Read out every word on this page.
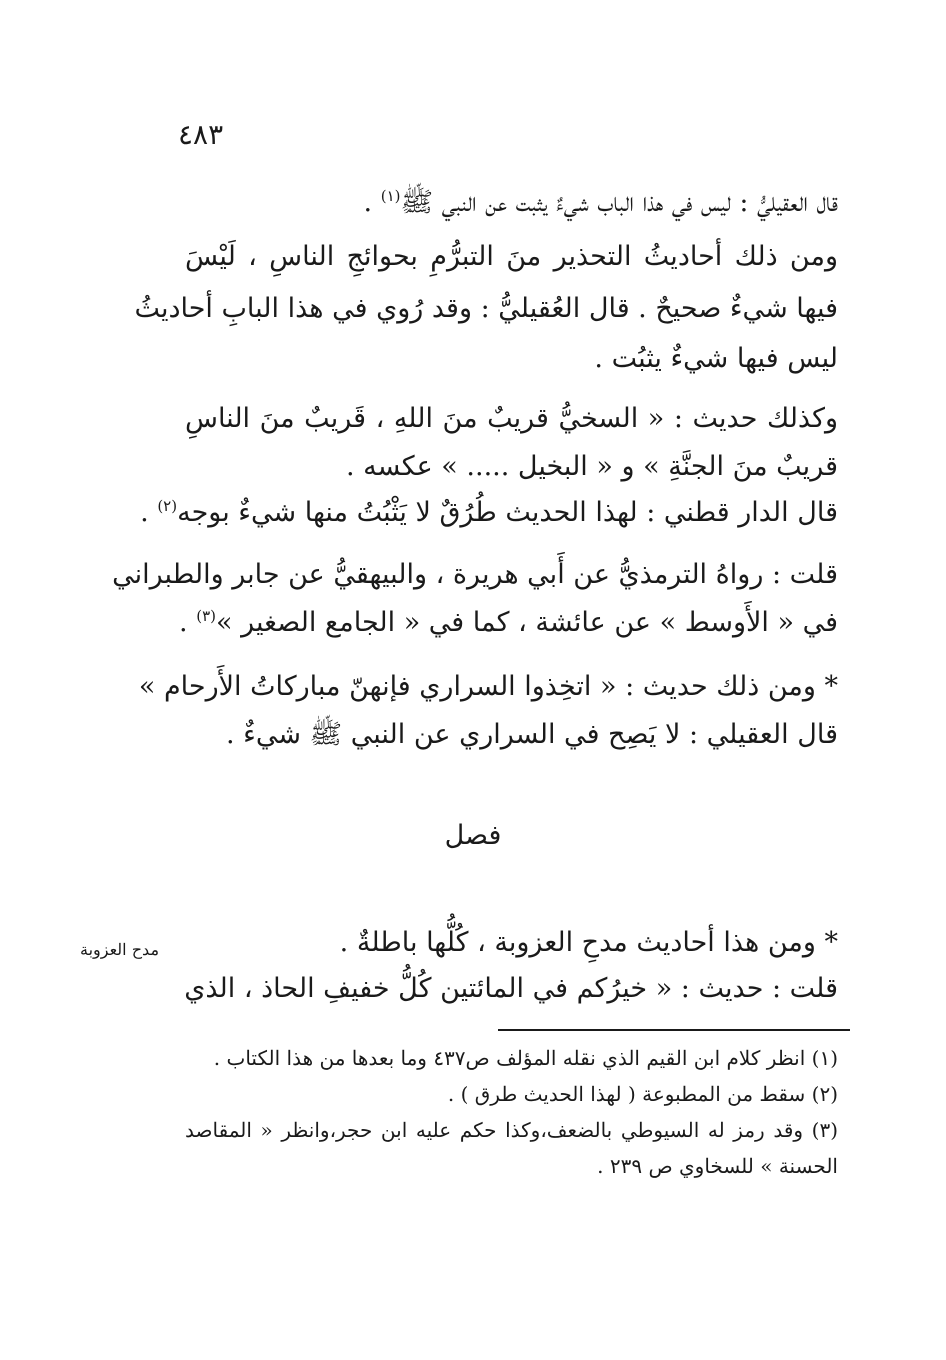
٤٨٣
قال العقيليُّ : ليس في هذا الباب شيءٌ يثبت عن النبي ﷺ$^{(١)}$ .
ومن ذلك أحاديثُ التحذير منَ التبرُّمِ بحوائجِ الناسِ ، لَيْسَ
فيها شيءٌ صحيحٌ . قال العُقيليُّ : وقد رُوي في هذا البابِ أحاديثُ
ليس فيها شيءٌ يثبُت .
وكذلك حديث : « السخيُّ قريبٌ منَ اللهِ ، قَريبٌ منَ الناسِ
قريبٌ منَ الجنَّةِ » و « البخيل ..... » عكسه .
قال الدار قطني : لهذا الحديث طُرُقٌ لا يَثْبُتُ منها شيءٌ بوجه$^{(٢)}$ .
قلت : رواهُ الترمذيُّ عن أَبي هريرة ، والبيهقيُّ عن جابر والطبراني
في « الأَوسط » عن عائشة ، كما في « الجامع الصغير »$^{(٣)}$ .
* ومن ذلك حديث : « اتخِذوا السراري فإنهنّ مباركاتُ الأَرحام »
قال العقيلي : لا يَصِح في السراري عن النبي ﷺ شيءٌ .
فصل
مدح العزوبة	* ومن هذا أحاديث مدحِ العزوبة ، كُلُّها باطلةٌ .
قلت : حديث : « خيرُكم في المائتين كُلُّ خفيفِ الحاذ ، الذي
(١) انظر كلام ابن القيم الذي نقله المؤلف ص٤٣٧ وما بعدها من هذا الكتاب .
(٢) سقط من المطبوعة ( لهذا الحديث طرق ) .
(٣) وقد رمز له السيوطي بالضعف،وكذا حكم عليه ابن حجر،وانظر « المقاصد
الحسنة » للسخاوي ص ٢٣٩ .
